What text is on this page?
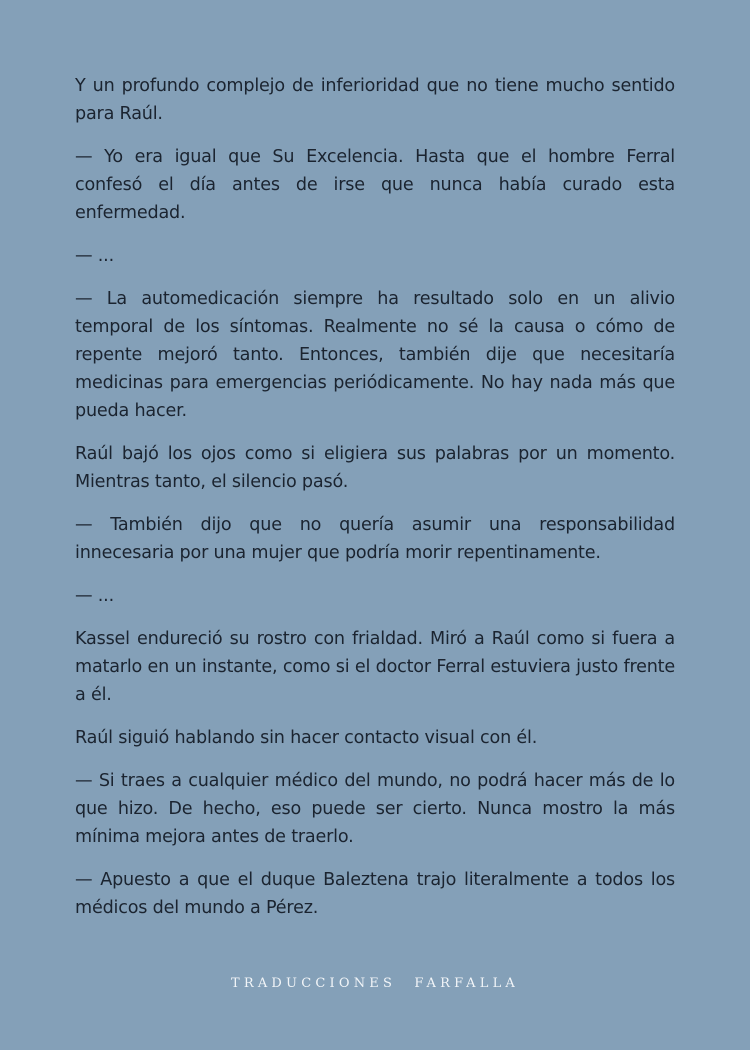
Y un profundo complejo de inferioridad que no tiene mucho sentido para Raúl.

— Yo era igual que Su Excelencia. Hasta que el hombre Ferral confesó el día antes de irse que nunca había curado esta enfermedad.

— ...

— La automedicación siempre ha resultado solo en un alivio temporal de los síntomas. Realmente no sé la causa o cómo de repente mejoró tanto. Entonces, también dije que necesitaría medicinas para emergencias periódicamente. No hay nada más que pueda hacer.

Raúl bajó los ojos como si eligiera sus palabras por un momento. Mientras tanto, el silencio pasó.

— También dijo que no quería asumir una responsabilidad innecesaria por una mujer que podría morir repentinamente.

— ...

Kassel endureció su rostro con frialdad. Miró a Raúl como si fuera a matarlo en un instante, como si el doctor Ferral estuviera justo frente a él.

Raúl siguió hablando sin hacer contacto visual con él.

— Si traes a cualquier médico del mundo, no podrá hacer más de lo que hizo. De hecho, eso puede ser cierto. Nunca mostro la más mínima mejora antes de traerlo.

— Apuesto a que el duque Baleztena trajo literalmente a todos los médicos del mundo a Pérez.

TRADUCCIONES FARFALLA
